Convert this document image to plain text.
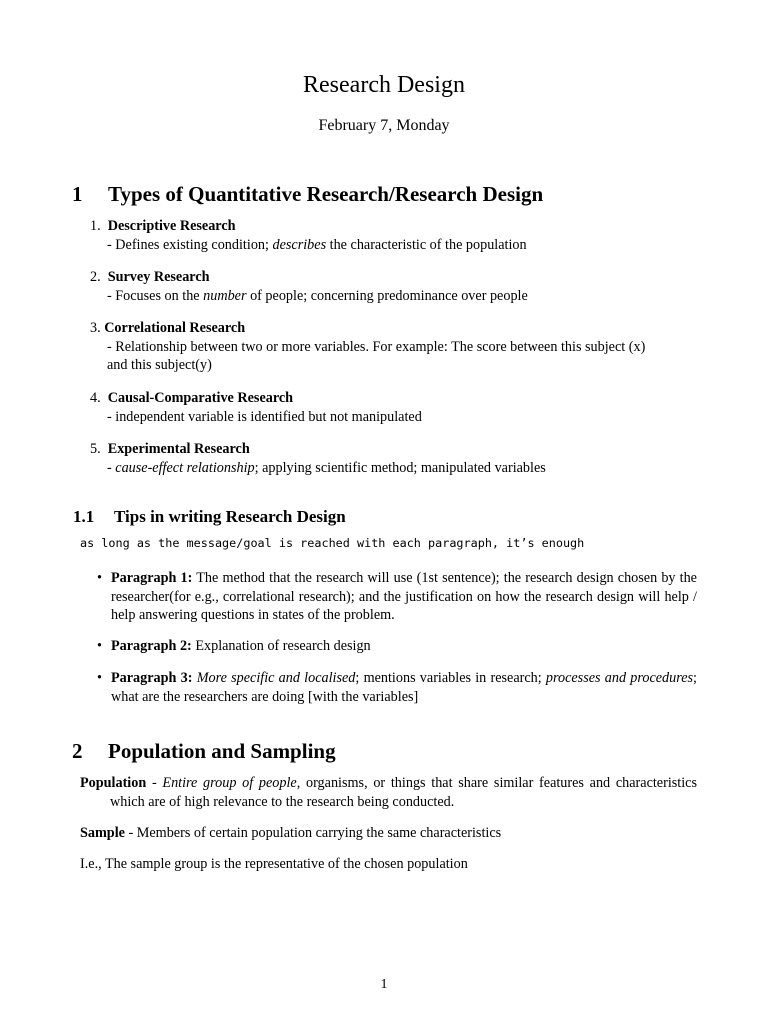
Research Design
February 7, Monday
1 Types of Quantitative Research/Research Design
1. Descriptive Research
- Defines existing condition; describes the characteristic of the population
2. Survey Research
- Focuses on the number of people; concerning predominance over people
3. Correlational Research
- Relationship between two or more variables. For example: The score between this subject (x)
and this subject(y)
4. Causal-Comparative Research
- independent variable is identified but not manipulated
5. Experimental Research
- cause-effect relationship; applying scientific method; manipulated variables
1.1 Tips in writing Research Design
as long as the message/goal is reached with each paragraph, it’s enough
• Paragraph 1: The method that the research will use (1st sentence); the research design chosen by the researcher(for e.g., correlational research); and the justification on how the research design will help / help answering questions in states of the problem.
• Paragraph 2: Explanation of research design
• Paragraph 3: More specific and localised; mentions variables in research; processes and procedures; what are the researchers are doing [with the variables]
2 Population and Sampling
Population - Entire group of people, organisms, or things that share similar features and characteristics which are of high relevance to the research being conducted.
Sample - Members of certain population carrying the same characteristics
I.e., The sample group is the representative of the chosen population
1
